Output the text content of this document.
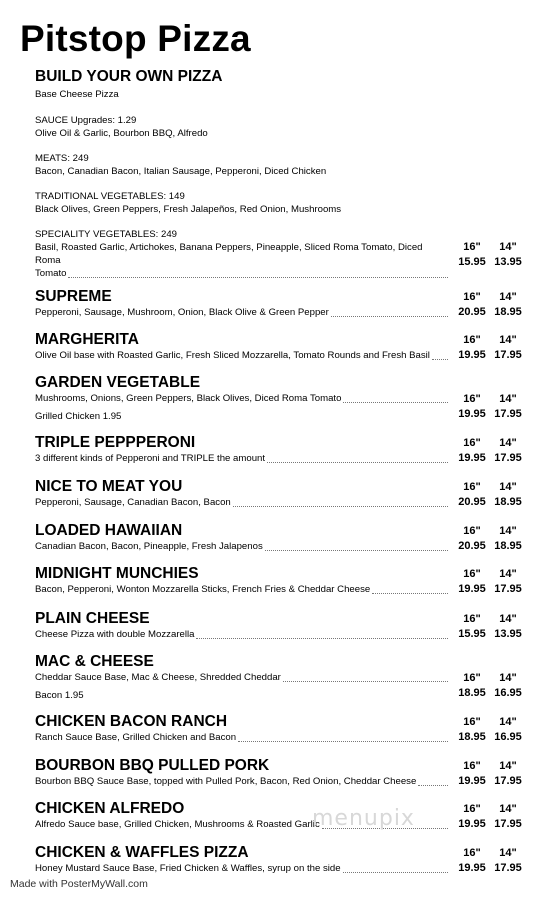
Pitstop Pizza
BUILD YOUR OWN PIZZA
Base Cheese Pizza
SAUCE Upgrades: 1.29
Olive Oil & Garlic, Bourbon BBQ, Alfredo
MEATS: 249
Bacon, Canadian Bacon, Italian Sausage, Pepperoni, Diced Chicken
TRADITIONAL VEGETABLES: 149
Black Olives, Green Peppers, Fresh Jalapeños, Red Onion, Mushrooms
SPECIALITY VEGETABLES: 249
Basil, Roasted Garlic, Artichokes, Banana Peppers, Pineapple, Sliced Roma Tomato, Diced Roma
Tomato
16"	14"
15.95 13.95
SUPREME
Pepperoni, Sausage, Mushroom, Onion, Black Olive & Green Pepper
16"	14"
20.95 18.95
MARGHERITA
Olive Oil base with Roasted Garlic, Fresh Sliced Mozzarella, Tomato Rounds and Fresh Basil
16"	14"
19.95 17.95
GARDEN VEGETABLE
Mushrooms, Onions, Green Peppers, Black Olives, Diced Roma Tomato
Grilled Chicken 1.95
16"	14"
19.95 17.95
TRIPLE PEPPPERONI
3 different kinds of Pepperoni and TRIPLE the amount
16"	14"
19.95 17.95
NICE TO MEAT YOU
Pepperoni, Sausage, Canadian Bacon, Bacon
16"	14"
20.95 18.95
LOADED HAWAIIAN
Canadian Bacon, Bacon, Pineapple, Fresh Jalapenos
16"	14"
20.95 18.95
MIDNIGHT MUNCHIES
Bacon, Pepperoni, Wonton Mozzarella Sticks, French Fries & Cheddar Cheese
16"	14"
19.95 17.95
PLAIN CHEESE
Cheese Pizza with double Mozzarella
16"	14"
15.95 13.95
MAC & CHEESE
Cheddar Sauce Base, Mac & Cheese, Shredded Cheddar
Bacon 1.95
16"	14"
18.95 16.95
CHICKEN BACON RANCH
Ranch Sauce Base, Grilled Chicken and Bacon
16"	14"
18.95 16.95
BOURBON BBQ PULLED PORK
Bourbon BBQ Sauce Base, topped with Pulled Pork, Bacon, Red Onion, Cheddar Cheese
16"	14"
19.95 17.95
CHICKEN ALFREDO
Alfredo Sauce base, Grilled Chicken, Mushrooms & Roasted Garlic
16"	14"
19.95 17.95
CHICKEN & WAFFLES PIZZA
Honey Mustard Sauce Base, Fried Chicken & Waffles, syrup on the side
16"	14"
19.95 17.95
menupix
Made with PosterMyWall.com
